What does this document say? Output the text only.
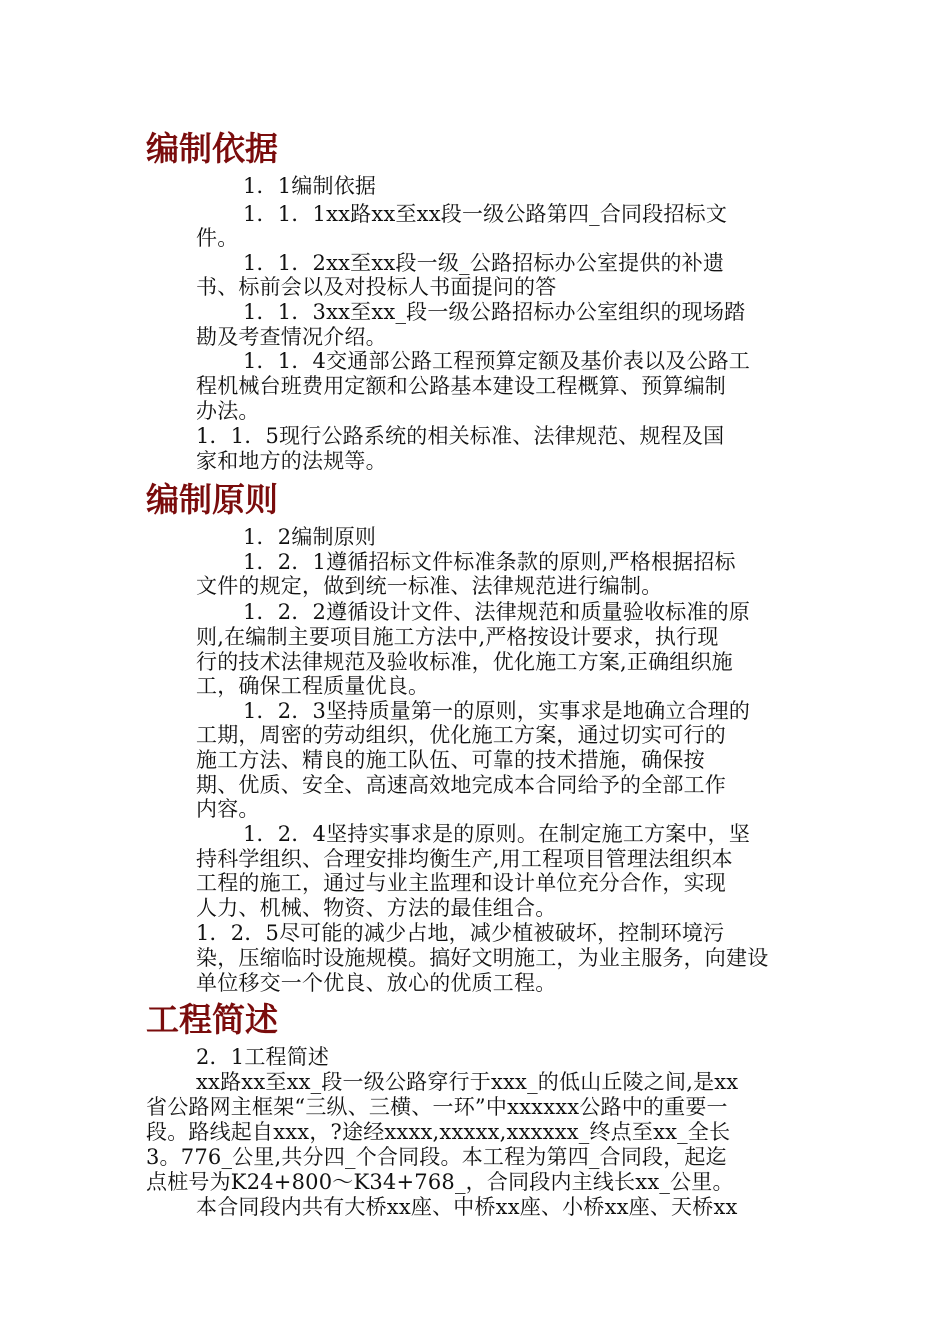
编制依据
1．1编制依据
1．1．1xx路xx至xx段一级公路第四_合同段招标文
件。
1．1．2xx至xx段一级_公路招标办公室提供的补遗
书、标前会以及对投标人书面提问的答
1．1．3xx至xx_段一级公路招标办公室组织的现场踏
勘及考查情况介绍。
1．1．4交通部公路工程预算定额及基价表以及公路工
程机械台班费用定额和公路基本建设工程概算、预算编制
办法。
1．1．5现行公路系统的相关标准、法律规范、规程及国
家和地方的法规等。
编制原则
1．2编制原则
1．2．1遵循招标文件标准条款的原则,严格根据招标
文件的规定，做到统一标准、法律规范进行编制。
1．2．2遵循设计文件、法律规范和质量验收标准的原
则,在编制主要项目施工方法中,严格按设计要求，执行现
行的技术法律规范及验收标准，优化施工方案,正确组织施
工，确保工程质量优良。
1．2．3坚持质量第一的原则，实事求是地确立合理的
工期，周密的劳动组织，优化施工方案，通过切实可行的
施工方法、精良的施工队伍、可靠的技术措施，确保按
期、优质、安全、高速高效地完成本合同给予的全部工作
内容。
1．2．4坚持实事求是的原则。在制定施工方案中，坚
持科学组织、合理安排均衡生产,用工程项目管理法组织本
工程的施工，通过与业主监理和设计单位充分合作，实现
人力、机械、物资、方法的最佳组合。
1．2．5尽可能的减少占地，减少植被破坏，控制环境污
染，压缩临时设施规模。搞好文明施工，为业主服务，向建设
单位移交一个优良、放心的优质工程。
工程简述
2．1工程简述
xx路xx至xx_段一级公路穿行于xxx_的低山丘陵之间,是xx
省公路网主框架“三纵、三横、一环”中xxxxxx公路中的重要一
段。路线起自xxx，?途经xxxx,xxxxx,xxxxxx_终点至xx_全长
3。776_公里,共分四_个合同段。本工程为第四_合同段，起迄
点桩号为K24+800～K34+768_，合同段内主线长xx_公里。
本合同段内共有大桥xx座、中桥xx座、小桥xx座、天桥xx
